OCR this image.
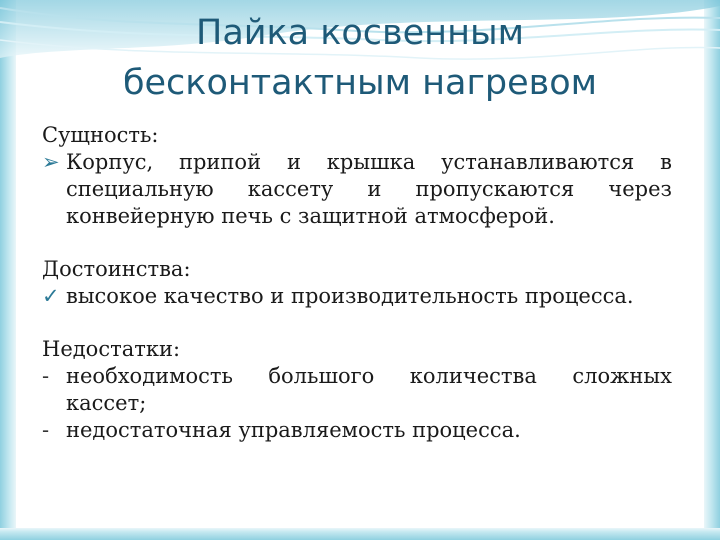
Пайка косвенным
бесконтактным нагревом

Сущность:

➢ Корпус, припой и крышка устанавливаются в специальную кассету и пропускаются через конвейерную печь с защитной атмосферой.

Достоинства:

✓ высокое качество и производительность процесса.

Недостатки:

- необходимость большого количества сложных кассет;

- недостаточная управляемость процесса.
